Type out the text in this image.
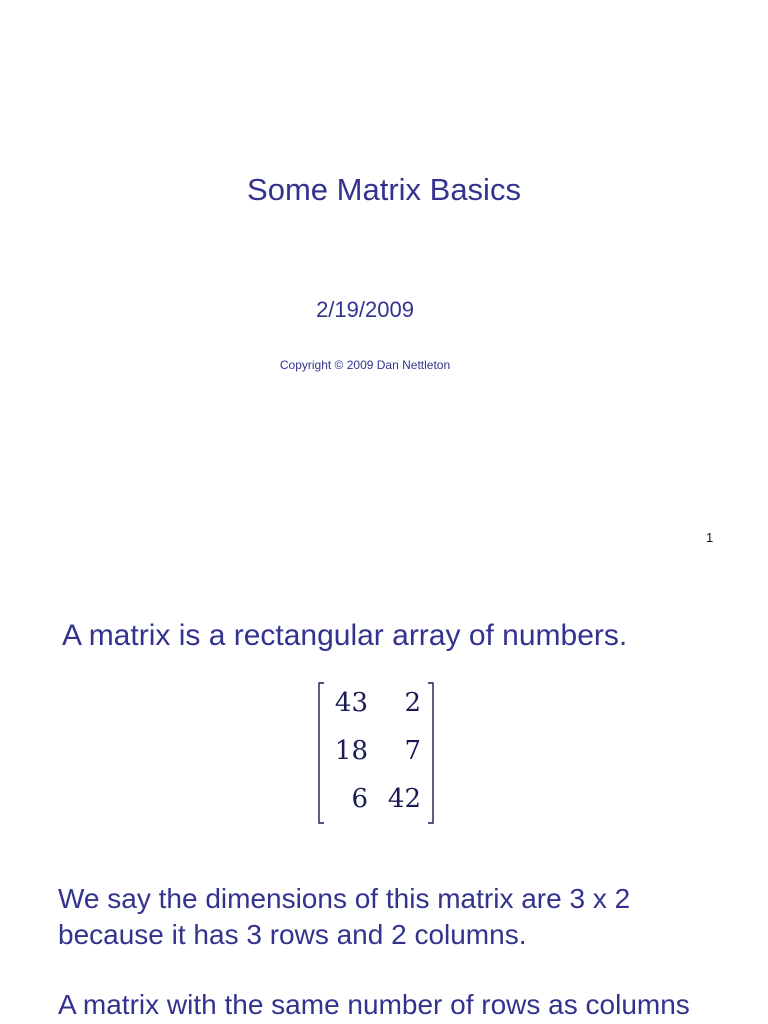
Some Matrix Basics
2/19/2009
Copyright © 2009 Dan Nettleton
1
A matrix is a rectangular array of numbers.
43	2
18	7
6 42
We say the dimensions of this matrix are 3 x 2
because it has 3 rows and 2 columns.
A matrix with the same number of rows as columns
